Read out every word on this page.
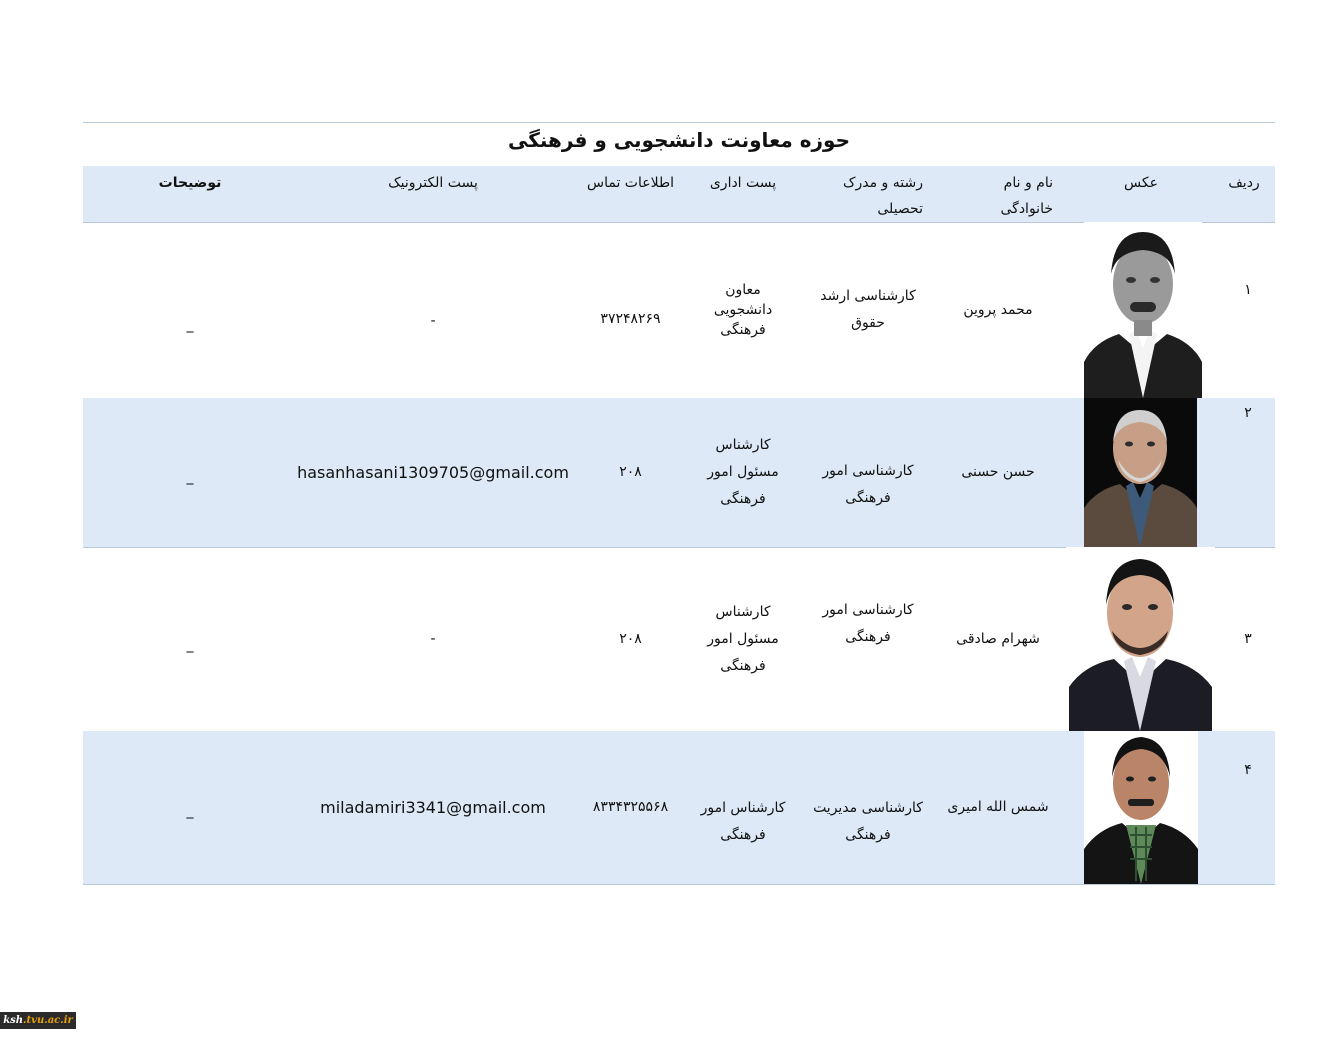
حوزه معاونت دانشجویی و فرهنگی
ردیف
عکس
نام و نام
خانوادگی
رشته و مدرک
تحصیلی
پست اداری
اطلاعات تماس
پست الکترونیک
توضیحات
۱
محمد پروین
کارشناسی ارشد
حقوق
معاون
دانشجویی
فرهنگی
۳۷۲۴۸۲۶۹
-
_
۲
حسن حسنی
کارشناسی امور
فرهنگی
کارشناس
مسئول امور
فرهنگی
۲۰۸
hasanhasani1309705@gmail.com
_
۳
شهرام صادقی
کارشناسی امور
فرهنگی
کارشناس
مسئول امور
فرهنگی
۲۰۸
-
_
۴
شمس الله امیری
کارشناسی مدیریت
فرهنگی
کارشناس امور
فرهنگی
۸۳۳۴۳۲۵۵۶۸
miladamiri3341@gmail.com
_
ksh.tvu.ac.ir
